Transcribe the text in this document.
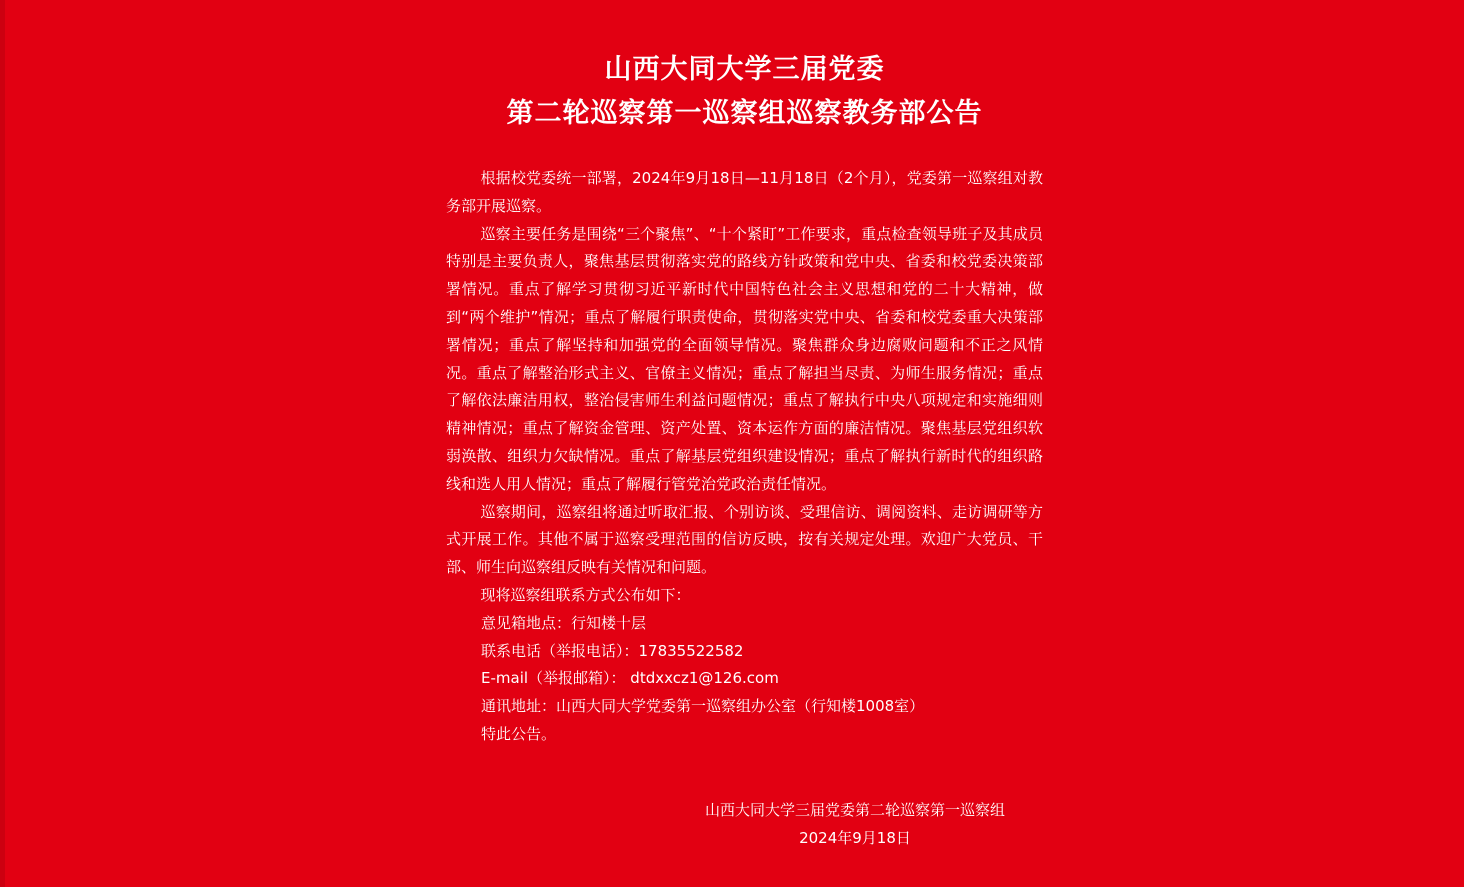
山西大同大学三届党委
第二轮巡察第一巡察组巡察教务部公告

根据校党委统一部署，2024年9月18日—11月18日（2个月），党委第一巡察组对教务部开展巡察。

巡察主要任务是围绕“三个聚焦”、“十个紧盯”工作要求，重点检查领导班子及其成员特别是主要负责人，聚焦基层贯彻落实党的路线方针政策和党中央、省委和校党委决策部署情况。重点了解学习贯彻习近平新时代中国特色社会主义思想和党的二十大精神，做到“两个维护”情况；重点了解履行职责使命，贯彻落实党中央、省委和校党委重大决策部署情况；重点了解坚持和加强党的全面领导情况。聚焦群众身边腐败问题和不正之风情况。重点了解整治形式主义、官僚主义情况；重点了解担当尽责、为师生服务情况；重点了解依法廉洁用权，整治侵害师生利益问题情况；重点了解执行中央八项规定和实施细则精神情况；重点了解资金管理、资产处置、资本运作方面的廉洁情况。聚焦基层党组织软弱涣散、组织力欠缺情况。重点了解基层党组织建设情况；重点了解执行新时代的组织路线和选人用人情况；重点了解履行管党治党政治责任情况。

巡察期间，巡察组将通过听取汇报、个别访谈、受理信访、调阅资料、走访调研等方式开展工作。其他不属于巡察受理范围的信访反映，按有关规定处理。欢迎广大党员、干部、师生向巡察组反映有关情况和问题。

现将巡察组联系方式公布如下：

意见箱地点：行知楼十层

联系电话（举报电话）：17835522582

E-mail（举报邮箱）： dtdxxcz1@126.com

通讯地址：山西大同大学党委第一巡察组办公室（行知楼1008室）

特此公告。

山西大同大学三届党委第二轮巡察第一巡察组
2024年9月18日
